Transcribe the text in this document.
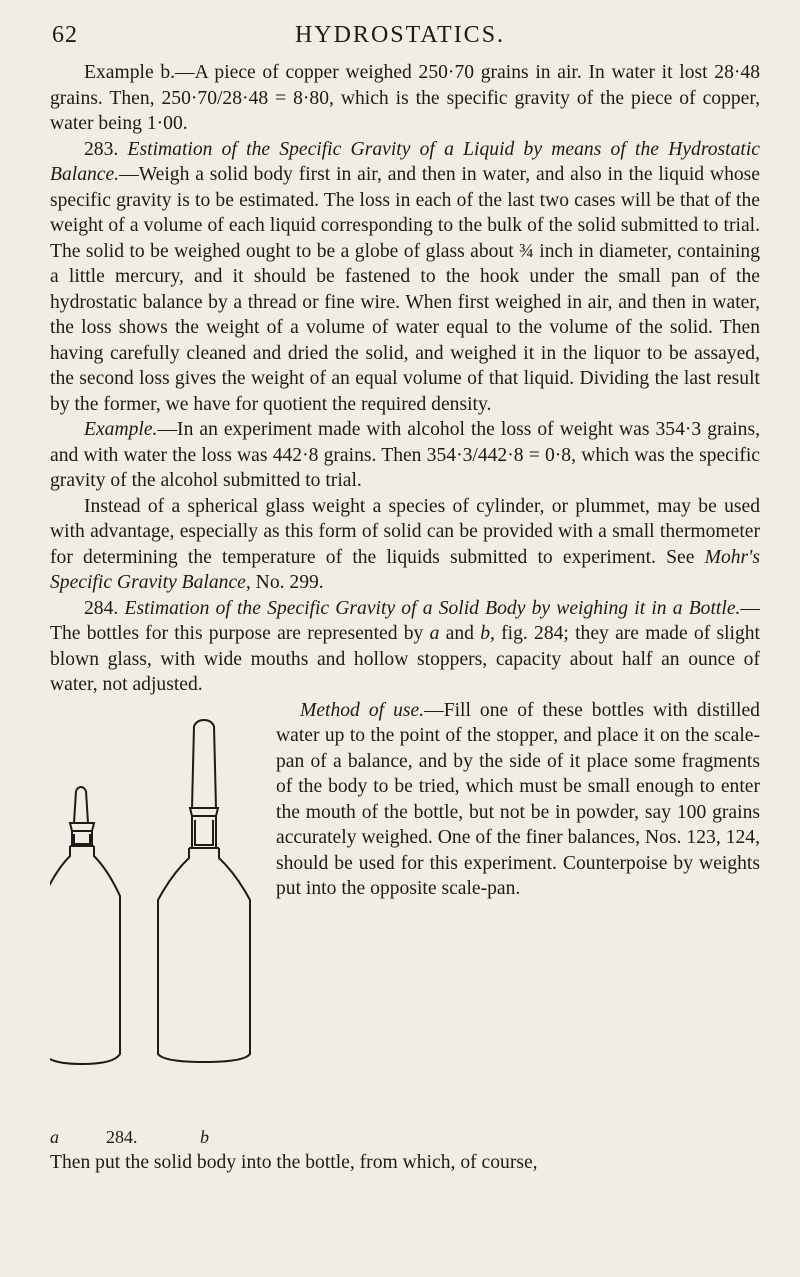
62	HYDROSTATICS.

Example b.—A piece of copper weighed 250·70 grains in air. In water it lost 28·48 grains. Then, 250·70/28·48 = 8·80, which is the specific gravity of the piece of copper, water being 1·00.

283. Estimation of the Specific Gravity of a Liquid by means of the Hydrostatic Balance.—Weigh a solid body first in air, and then in water, and also in the liquid whose specific gravity is to be estimated. The loss in each of the last two cases will be that of the weight of a volume of each liquid corresponding to the bulk of the solid submitted to trial. The solid to be weighed ought to be a globe of glass about ¾ inch in diameter, containing a little mercury, and it should be fastened to the hook under the small pan of the hydrostatic balance by a thread or fine wire. When first weighed in air, and then in water, the loss shows the weight of a volume of water equal to the volume of the solid. Then having carefully cleaned and dried the solid, and weighed it in the liquor to be assayed, the second loss gives the weight of an equal volume of that liquid. Dividing the last result by the former, we have for quotient the required density.

Example.—In an experiment made with alcohol the loss of weight was 354·3 grains, and with water the loss was 442·8 grains. Then 354·3/442·8 = 0·8, which was the specific gravity of the alcohol submitted to trial.

Instead of a spherical glass weight a species of cylinder, or plummet, may be used with advantage, especially as this form of solid can be provided with a small thermometer for determining the temperature of the liquids submitted to experiment. See Mohr's Specific Gravity Balance, No. 299.

284. Estimation of the Specific Gravity of a Solid Body by weighing it in a Bottle.—The bottles for this purpose are represented by a and b, fig. 284; they are made of slight blown glass, with wide mouths and hollow stoppers, capacity about half an ounce of water, not adjusted.

a	284.	b

Method of use.—Fill one of these bottles with distilled water up to the point of the stopper, and place it on the scale-pan of a balance, and by the side of it place some fragments of the body to be tried, which must be small enough to enter the mouth of the bottle, but not be in powder, say 100 grains accurately weighed. One of the finer balances, Nos. 123, 124, should be used for this experiment. Counterpoise by weights put into the opposite scale-pan.

Then put the solid body into the bottle, from which, of course,
